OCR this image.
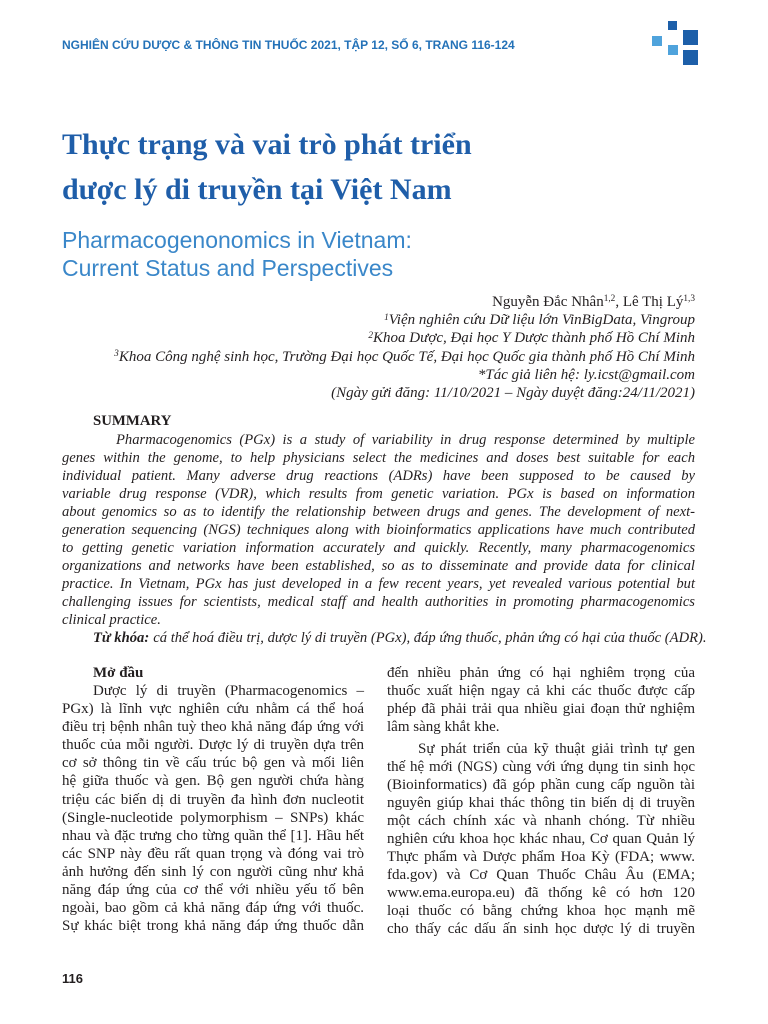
NGHIÊN CỨU DƯỢC & THÔNG TIN THUỐC 2021, TẬP 12, SỐ 6, TRANG 116-124
Thực trạng và vai trò phát triển
dược lý di truyền tại Việt Nam
Pharmacogenonomics in Vietnam:
Current Status and Perspectives
Nguyễn Đắc Nhân$^{1,2}$, Lê Thị Lý$^{1,3}$
$^1$Viện nghiên cứu Dữ liệu lớn VinBigData, Vingroup
$^2$Khoa Dược, Đại học Y Dược thành phố Hồ Chí Minh
$^3$Khoa Công nghệ sinh học, Trường Đại học Quốc Tế, Đại học Quốc gia thành phố Hồ Chí Minh
*Tác giả liên hệ: ly.icst@gmail.com
(Ngày gửi đăng: 11/10/2021 – Ngày duyệt đăng:24/11/2021)
SUMMARY
Pharmacogenomics (PGx) is a study of variability in drug response determined by multiple
genes within the genome, to help physicians select the medicines and doses best suitable for each
individual patient. Many adverse drug reactions (ADRs) have been supposed to be caused by
variable drug response (VDR), which results from genetic variation. PGx is based on information
about genomics so as to identify the relationship between drugs and genes. The development of next-
generation sequencing (NGS) techniques along with bioinformatics applications have much contributed
to getting genetic variation information accurately and quickly. Recently, many pharmacogenomics
organizations and networks have been established, so as to disseminate and provide data for clinical
practice. In Vietnam, PGx has just developed in a few recent years, yet revealed various potential but
challenging issues for scientists, medical staff and health authorities in promoting pharmacogenomics
clinical practice.
Từ khóa: cá thể hoá điều trị, dược lý di truyền (PGx), đáp ứng thuốc, phản ứng có hại của thuốc (ADR).
Mở đầu
Dược lý di truyền (Pharmacogenomics –
PGx) là lĩnh vực nghiên cứu nhằm cá thể hoá
điều trị bệnh nhân tuỳ theo khả năng đáp ứng với
thuốc của mỗi người. Dược lý di truyền dựa trên
cơ sở thông tin về cấu trúc bộ gen và mối liên
hệ giữa thuốc và gen. Bộ gen người chứa hàng
triệu các biến dị di truyền đa hình đơn nucleotit
(Single-nucleotide polymorphism – SNPs) khác
nhau và đặc trưng cho từng quần thể [1]. Hầu hết
các SNP này đều rất quan trọng và đóng vai trò
ảnh hưởng đến sinh lý con người cũng như khả
năng đáp ứng của cơ thể với nhiều yếu tố bên
ngoài, bao gồm cả khả năng đáp ứng với thuốc.
Sự khác biệt trong khả năng đáp ứng thuốc dẫn
đến nhiều phản ứng có hại nghiêm trọng của
thuốc xuất hiện ngay cả khi các thuốc được cấp
phép đã phải trải qua nhiều giai đoạn thử nghiệm
lâm sàng khắt khe.
Sự phát triển của kỹ thuật giải trình tự gen
thế hệ mới (NGS) cùng với ứng dụng tin sinh học
(Bioinformatics) đã góp phần cung cấp nguồn tài
nguyên giúp khai thác thông tin biến dị di truyền
một cách chính xác và nhanh chóng. Từ nhiều
nghiên cứu khoa học khác nhau, Cơ quan Quản lý
Thực phẩm và Dược phẩm Hoa Kỳ (FDA; www.
fda.gov) và Cơ Quan Thuốc Châu Âu (EMA;
www.ema.europa.eu) đã thống kê có hơn 120
loại thuốc có bằng chứng khoa học mạnh mẽ
cho thấy các dấu ấn sinh học dược lý di truyền
116
